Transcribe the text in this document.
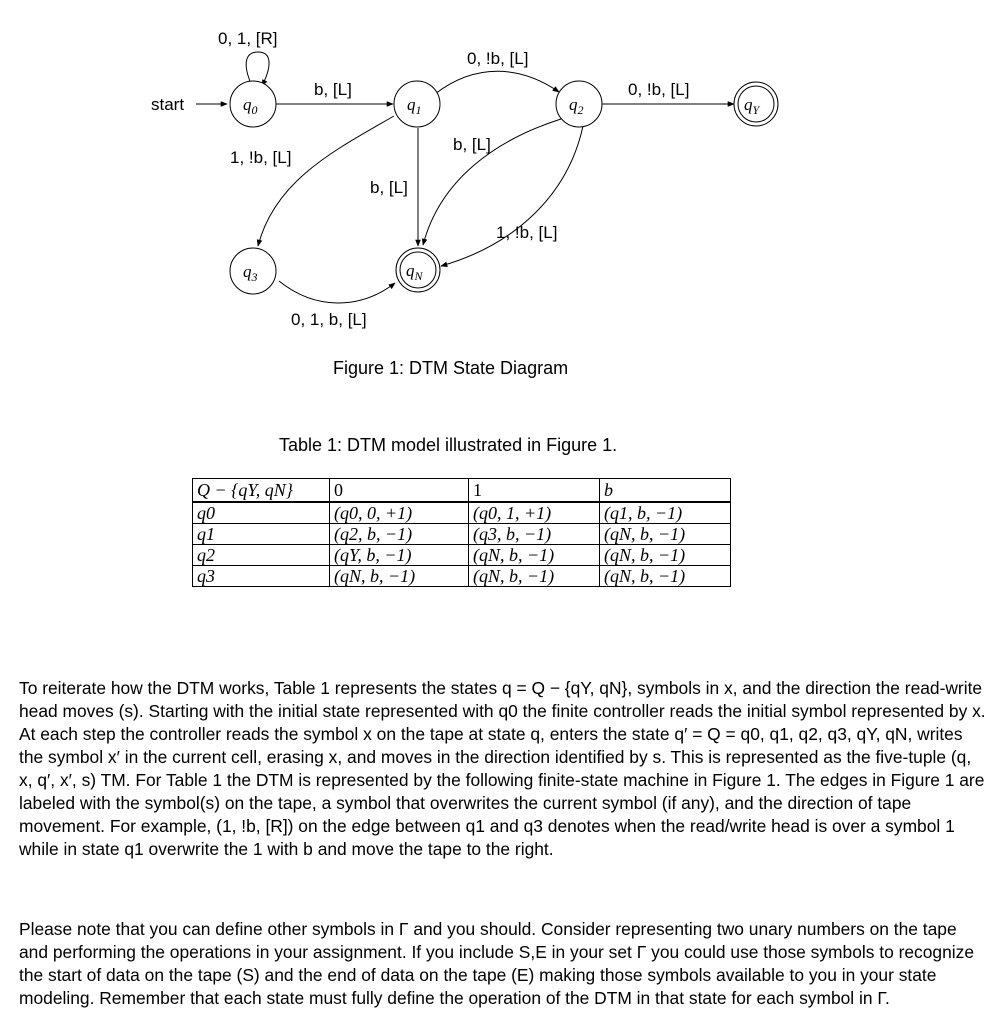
$q_0$	$q_1$	$q_2$	$q_Y$
$q_3$	$q_N$
start
0, 1, [R]
b, [L]
0, !b, [L]
0, !b, [L]
1, !b, [L]
b, [L]
b, [L]
1, !b, [L]
0, 1, b, [L]
Figure 1: DTM State Diagram
Table 1: DTM model illustrated in Figure 1.
Q − {qY, qN}	0	1	b
q0	(q0, 0, +1)	(q0, 1, +1)	(q1, b, −1)
q1	(q2, b, −1)	(q3, b, −1)	(qN, b, −1)
q2	(qY, b, −1)	(qN, b, −1)	(qN, b, −1)
q3	(qN, b, −1)	(qN, b, −1)	(qN, b, −1)

To reiterate how the DTM works, Table 1 represents the states q = Q − {qY, qN}, symbols in x, and the direction the read-write head moves (s). Starting with the initial state represented with q0 the finite controller reads the initial symbol represented by x. At each step the controller reads the symbol x on the tape at state q, enters the state q′ = Q = q0, q1, q2, q3, qY, qN, writes the symbol x′ in the current cell, erasing x, and moves in the direction identified by s. This is represented as the five-tuple (q, x, q′, x′, s) TM. For Table 1 the DTM is represented by the following finite-state machine in Figure 1. The edges in Figure 1 are labeled with the symbol(s) on the tape, a symbol that overwrites the current symbol (if any), and the direction of tape movement. For example, (1, !b, [R]) on the edge between q1 and q3 denotes when the read/write head is over a symbol 1 while in state q1 overwrite the 1 with b and move the tape to the right.

Please note that you can define other symbols in Γ and you should. Consider representing two unary numbers on the tape and performing the operations in your assignment. If you include S,E in your set Γ you could use those symbols to recognize the start of data on the tape (S) and the end of data on the tape (E) making those symbols available to you in your state modeling. Remember that each state must fully define the operation of the DTM in that state for each symbol in Γ.
